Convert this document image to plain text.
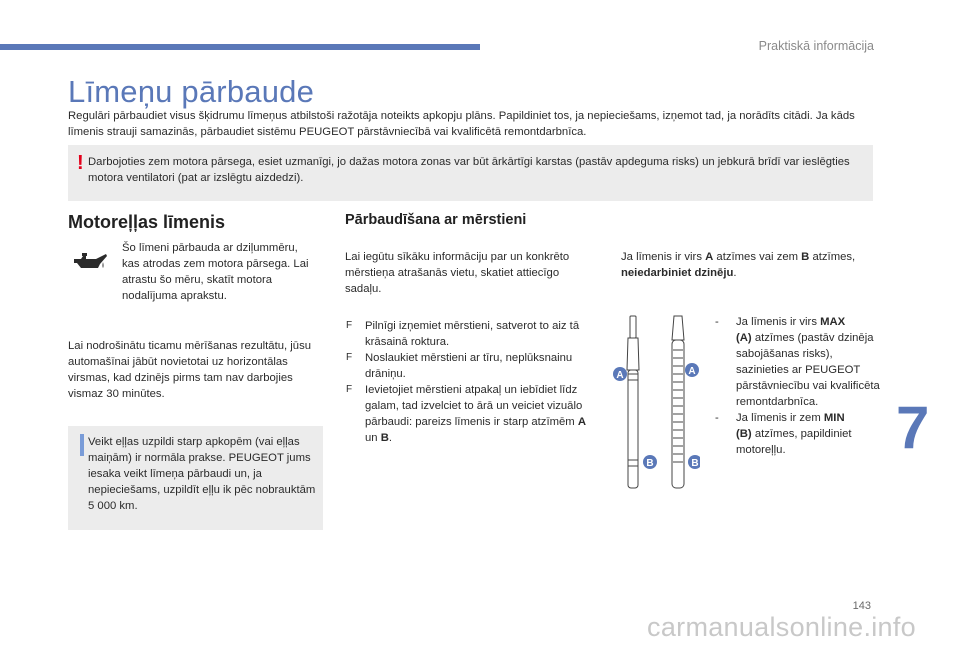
Praktiskā informācija
Līmeņu pārbaude
Regulāri pārbaudiet visus šķidrumu līmeņus atbilstoši ražotāja noteikts apkopju plāns. Papildiniet tos, ja nepieciešams, izņemot tad, ja norādīts citādi. Ja kāds līmenis strauji samazinās, pārbaudiet sistēmu PEUGEOT pārstāvniecībā vai kvalificētā remontdarbnīca.
! Darbojoties zem motora pārsega, esiet uzmanīgi, jo dažas motora zonas var būt ārkārtīgi karstas (pastāv apdeguma risks) un jebkurā brīdī var ieslēgties motora ventilatori (pat ar izslēgtu aizdedzi).
Motoreļļas līmenis
Šo līmeni pārbauda ar dziļummēru, kas atrodas zem motora pārsega. Lai atrastu šo mēru, skatīt motora nodalījuma aprakstu.
Lai nodrošinātu ticamu mērīšanas rezultātu, jūsu automašīnai jābūt novietotai uz horizontālas virsmas, kad dzinējs pirms tam nav darbojies vismaz 30 minūtes.
Veikt eļļas uzpildi starp apkopēm (vai eļļas maiņām) ir normāla prakse. PEUGEOT jums iesaka veikt līmeņa pārbaudi un, ja nepieciešams, uzpildīt eļļu ik pēc nobrauktām 5 000 km.
Pārbaudīšana ar mērstieni
Lai iegūtu sīkāku informāciju par un konkrēto mērstieņa atrašanās vietu, skatiet attiecīgo sadaļu.
F Pilnīgi izņemiet mērstieni, satverot to aiz tā krāsainā roktura.
F Noslaukiet mērstieni ar tīru, neplūksnainu drāniņu.
F Ievietojiet mērstieni atpakaļ un iebīdiet līdz galam, tad izvelciet to ārā un veiciet vizuālo pārbaudi: pareizs līmenis ir starp atzīmēm A un B.
Ja līmenis ir virs A atzīmes vai zem B atzīmes, neiedarbiniet dzinēju.
A	A
B	B
- Ja līmenis ir virs MAX
(A) atzīmes (pastāv dzinēja sabojāšanas risks), sazinieties ar PEUGEOT pārstāvniecību vai kvalificēta remontdarbnīca.
- Ja līmenis ir zem MIN
(B) atzīmes, papildiniet motoreļļu.	7
143
carmanualsonline.info
